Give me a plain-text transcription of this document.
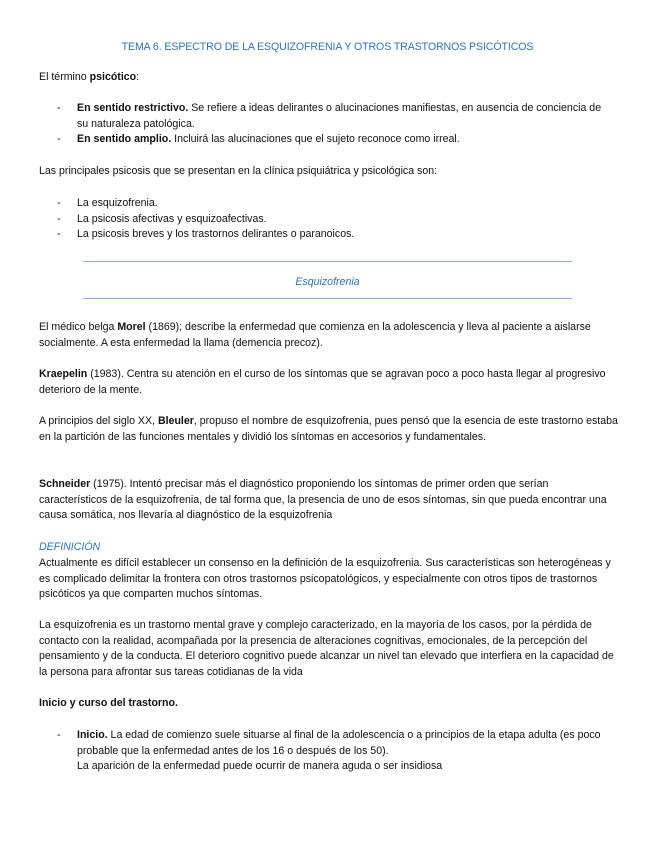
TEMA 6. ESPECTRO DE LA ESQUIZOFRENIA Y OTROS TRASTORNOS PSICÓTICOS

El término psicótico:

- En sentido restrictivo. Se refiere a ideas delirantes o alucinaciones manifiestas, en ausencia de conciencia de su naturaleza patológica.
- En sentido amplio. Incluirá las alucinaciones que el sujeto reconoce como irreal.

Las principales psicosis que se presentan en la clínica psiquiátrica y psicológica son:

- La esquizofrenia.
- La psicosis afectivas y esquizoafectivas.
- La psicosis breves y los trastornos delirantes o paranoicos.
Esquizofrenia

El médico belga Morel (1869); describe la enfermedad que comienza en la adolescencia y lleva al paciente a aislarse socialmente. A esta enfermedad la llama (demencia precoz).

Kraepelin (1983). Centra su atención en el curso de los síntomas que se agravan poco a poco hasta llegar al progresivo deterioro de la mente.

A principios del siglo XX, Bleuler, propuso el nombre de esquizofrenia, pues pensó que la esencia de este trastorno estaba en la partición de las funciones mentales y dividió los síntomas en accesorios y fundamentales.

Schneider (1975). Intentó precisar más el diagnóstico proponiendo los síntomas de primer orden que serían característicos de la esquizofrenia, de tal forma que, la presencia de uno de esos síntomas, sin que pueda encontrar una causa somática, nos llevaría al diagnóstico de la esquizofrenia

DEFINICIÓN

Actualmente es difícil establecer un consenso en la definición de la esquizofrenia. Sus características son heterogéneas y es complicado delimitar la frontera con otros trastornos psicopatológicos, y especialmente con otros tipos de trastornos psicóticos ya que comparten muchos síntomas.

La esquizofrenia es un trastorno mental grave y complejo caracterizado, en la mayoría de los casos, por la pérdida de contacto con la realidad, acompañada por la presencia de alteraciones cognitivas, emocionales, de la percepción del pensamiento y de la conducta. El deterioro cognitivo puede alcanzar un nivel tan elevado que interfiera en la capacidad de la persona para afrontar sus tareas cotidianas de la vida

Inicio y curso del trastorno.

- Inicio. La edad de comienzo suele situarse al final de la adolescencia o a principios de la etapa adulta (es poco probable que la enfermedad antes de los 16 o después de los 50).
La aparición de la enfermedad puede ocurrir de manera aguda o ser insidiosa
